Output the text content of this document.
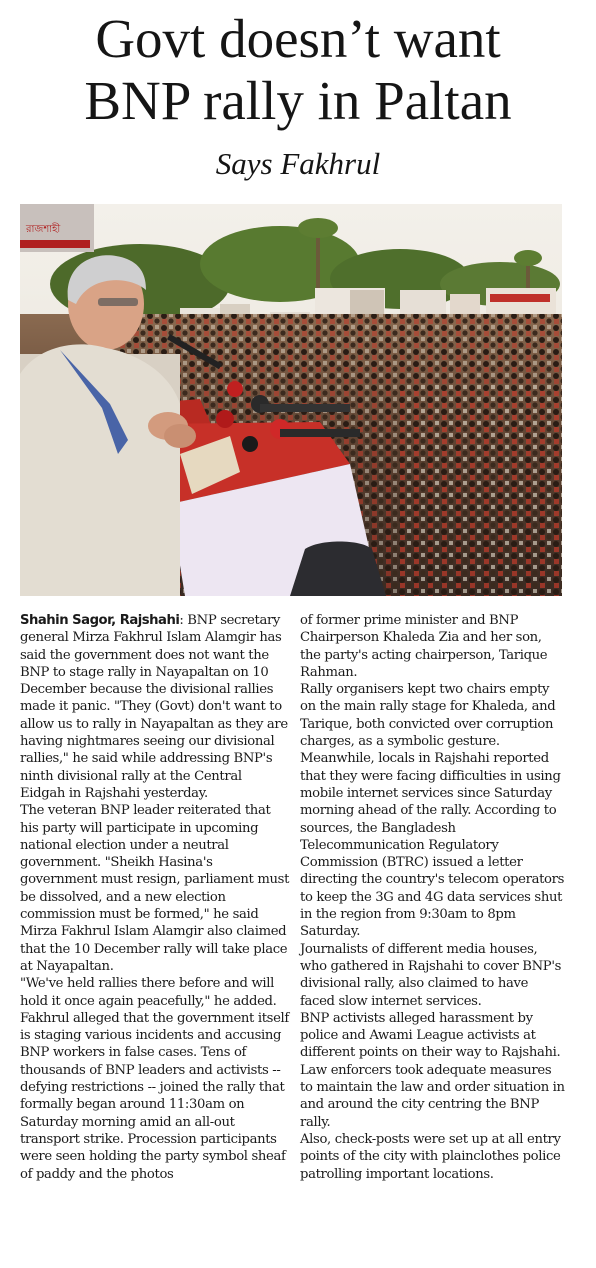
Govt doesn’t want
BNP rally in Paltan
Says Fakhrul
রাজশাহী

Shahin Sagor, Rajshahi: BNP secretary general Mirza Fakhrul Islam Alamgir has said the government does not want the BNP to stage rally in Nayapaltan on 10 December because the divisional rallies made it panic. "They (Govt) don't want to allow us to rally in Nayapaltan as they are having nightmares seeing our divisional rallies," he said while addressing BNP's ninth divisional rally at the Central Eidgah in Rajshahi yesterday.

The veteran BNP leader reiterated that his party will participate in upcoming national election under a neutral government. "Sheikh Hasina's government must resign, parliament must be dissolved, and a new election commission must be formed," he said Mirza Fakhrul Islam Alamgir also claimed that the 10 December rally will take place at Nayapaltan.

"We've held rallies there before and will hold it once again peacefully," he added. Fakhrul alleged that the government itself is staging various incidents and accusing BNP workers in false cases. Tens of thousands of BNP leaders and activists -- defying restrictions -- joined the rally that formally began around 11:30am on Saturday morning amid an all-out transport strike. Procession participants were seen holding the party symbol sheaf of paddy and the photos

of former prime minister and BNP Chairperson Khaleda Zia and her son, the party's acting chairperson, Tarique Rahman.

Rally organisers kept two chairs empty on the main rally stage for Khaleda, and Tarique, both convicted over corruption charges, as a symbolic gesture.

Meanwhile, locals in Rajshahi reported that they were facing difficulties in using mobile internet services since Saturday morning ahead of the rally. According to sources, the Bangladesh Telecommunication Regulatory Commission (BTRC) issued a letter directing the country's telecom operators to keep the 3G and 4G data services shut in the region from 9:30am to 8pm Saturday.

Journalists of different media houses, who gathered in Rajshahi to cover BNP's divisional rally, also claimed to have faced slow internet services.

BNP activists alleged harassment by police and Awami League activists at different points on their way to Rajshahi. Law enforcers took adequate measures to maintain the law and order situation in and around the city centring the BNP rally.

Also, check-posts were set up at all entry points of the city with plainclothes police patrolling important locations.
